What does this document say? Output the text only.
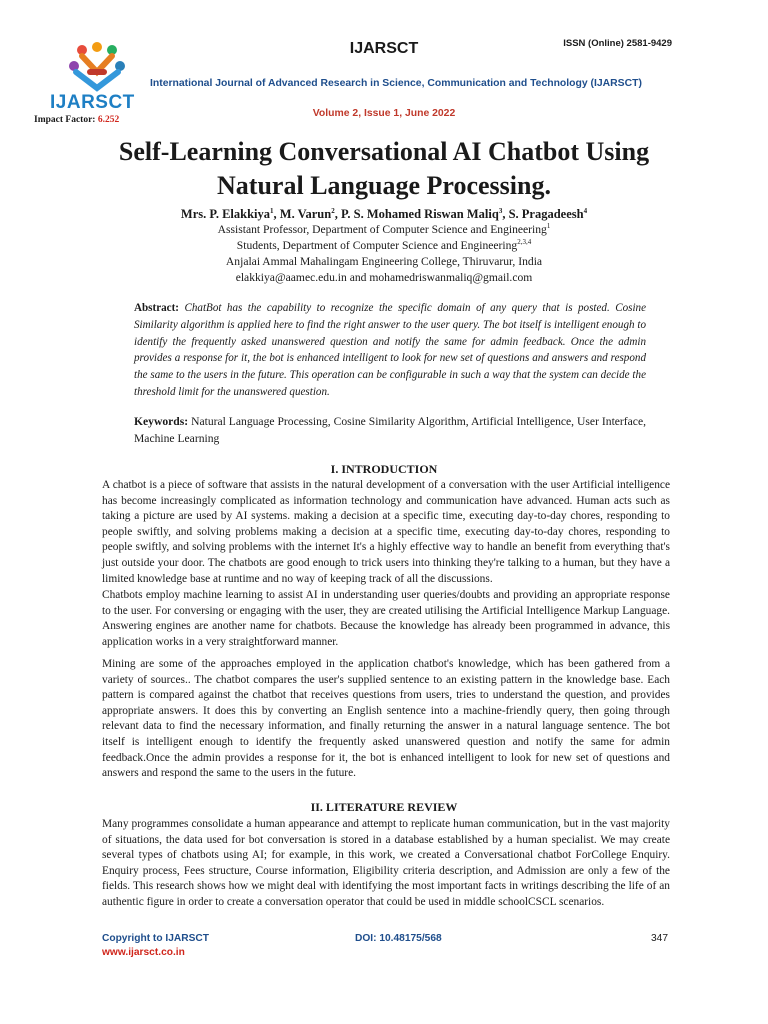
IJARSCT
Impact Factor: 6.252
IJARSCT	ISSN (Online) 2581-9429
International Journal of Advanced Research in Science, Communication and Technology (IJARSCT)
Volume 2, Issue 1, June 2022
Self-Learning Conversational AI Chatbot Using
Natural Language Processing.
Mrs. P. Elakkiya$^1$, M. Varun$^2$, P. S. Mohamed Riswan Maliq$^3$, S. Pragadeesh$^4$
Assistant Professor, Department of Computer Science and Engineering$^1$
Students, Department of Computer Science and Engineering$^{2,3,4}$
Anjalai Ammal Mahalingam Engineering College, Thiruvarur, India
elakkiya@aamec.edu.in and mohamedriswanmaliq@gmail.com
Abstract: ChatBot has the capability to recognize the specific domain of any query that is posted. Cosine Similarity algorithm is applied here to find the right answer to the user query. The bot itself is intelligent enough to identify the frequently asked unanswered question and notify the same for admin feedback. Once the admin provides a response for it, the bot is enhanced intelligent to look for new set of questions and answers and respond the same to the users in the future. This operation can be configurable in such a way that the system can decide the threshold limit for the unanswered question.
Keywords: Natural Language Processing, Cosine Similarity Algorithm, Artificial Intelligence, User Interface, Machine Learning
I. INTRODUCTION
A chatbot is a piece of software that assists in the natural development of a conversation with the user Artificial intelligence has become increasingly complicated as information technology and communication have advanced. Human acts such as taking a picture are used by AI systems. making a decision at a specific time, executing day-to-day chores, responding to people swiftly, and solving problems making a decision at a specific time, executing day-to-day chores, responding to people swiftly, and solving problems with the internet It's a highly effective way to handle an benefit from everything that's just outside your door. The chatbots are good enough to trick users into thinking they're talking to a human, but they have a limited knowledge base at runtime and no way of keeping track of all the discussions.
Chatbots employ machine learning to assist AI in understanding user queries/doubts and providing an appropriate response to the user. For conversing or engaging with the user, they are created utilising the Artificial Intelligence Markup Language. Answering engines are another name for chatbots. Because the knowledge has already been programmed in advance, this application works in a very straightforward manner.
Mining are some of the approaches employed in the application chatbot's knowledge, which has been gathered from a variety of sources.. The chatbot compares the user's supplied sentence to an existing pattern in the knowledge base. Each pattern is compared against the chatbot that receives questions from users, tries to understand the question, and provides appropriate answers. It does this by converting an English sentence into a machine-friendly query, then going through relevant data to find the necessary information, and finally returning the answer in a natural language sentence. The bot itself is intelligent enough to identify the frequently asked unanswered question and notify the same for admin feedback.Once the admin provides a response for it, the bot is enhanced intelligent to look for new set of questions and answers and respond the same to the users in the future.
II. LITERATURE REVIEW
Many programmes consolidate a human appearance and attempt to replicate human communication, but in the vast majority of situations, the data used for bot conversation is stored in a database established by a human specialist. We may create several types of chatbots using AI; for example, in this work, we created a Conversational chatbot ForCollege Enquiry. Enquiry process, Fees structure, Course information, Eligibility criteria description, and Admission are only a few of the fields. This research shows how we might deal with identifying the most important facts in writings describing the life of an authentic figure in order to create a conversation operator that could be used in middle schoolCSCL scenarios.
Copyright to IJARSCT
www.ijarsct.co.in
DOI: 10.48175/568	347
